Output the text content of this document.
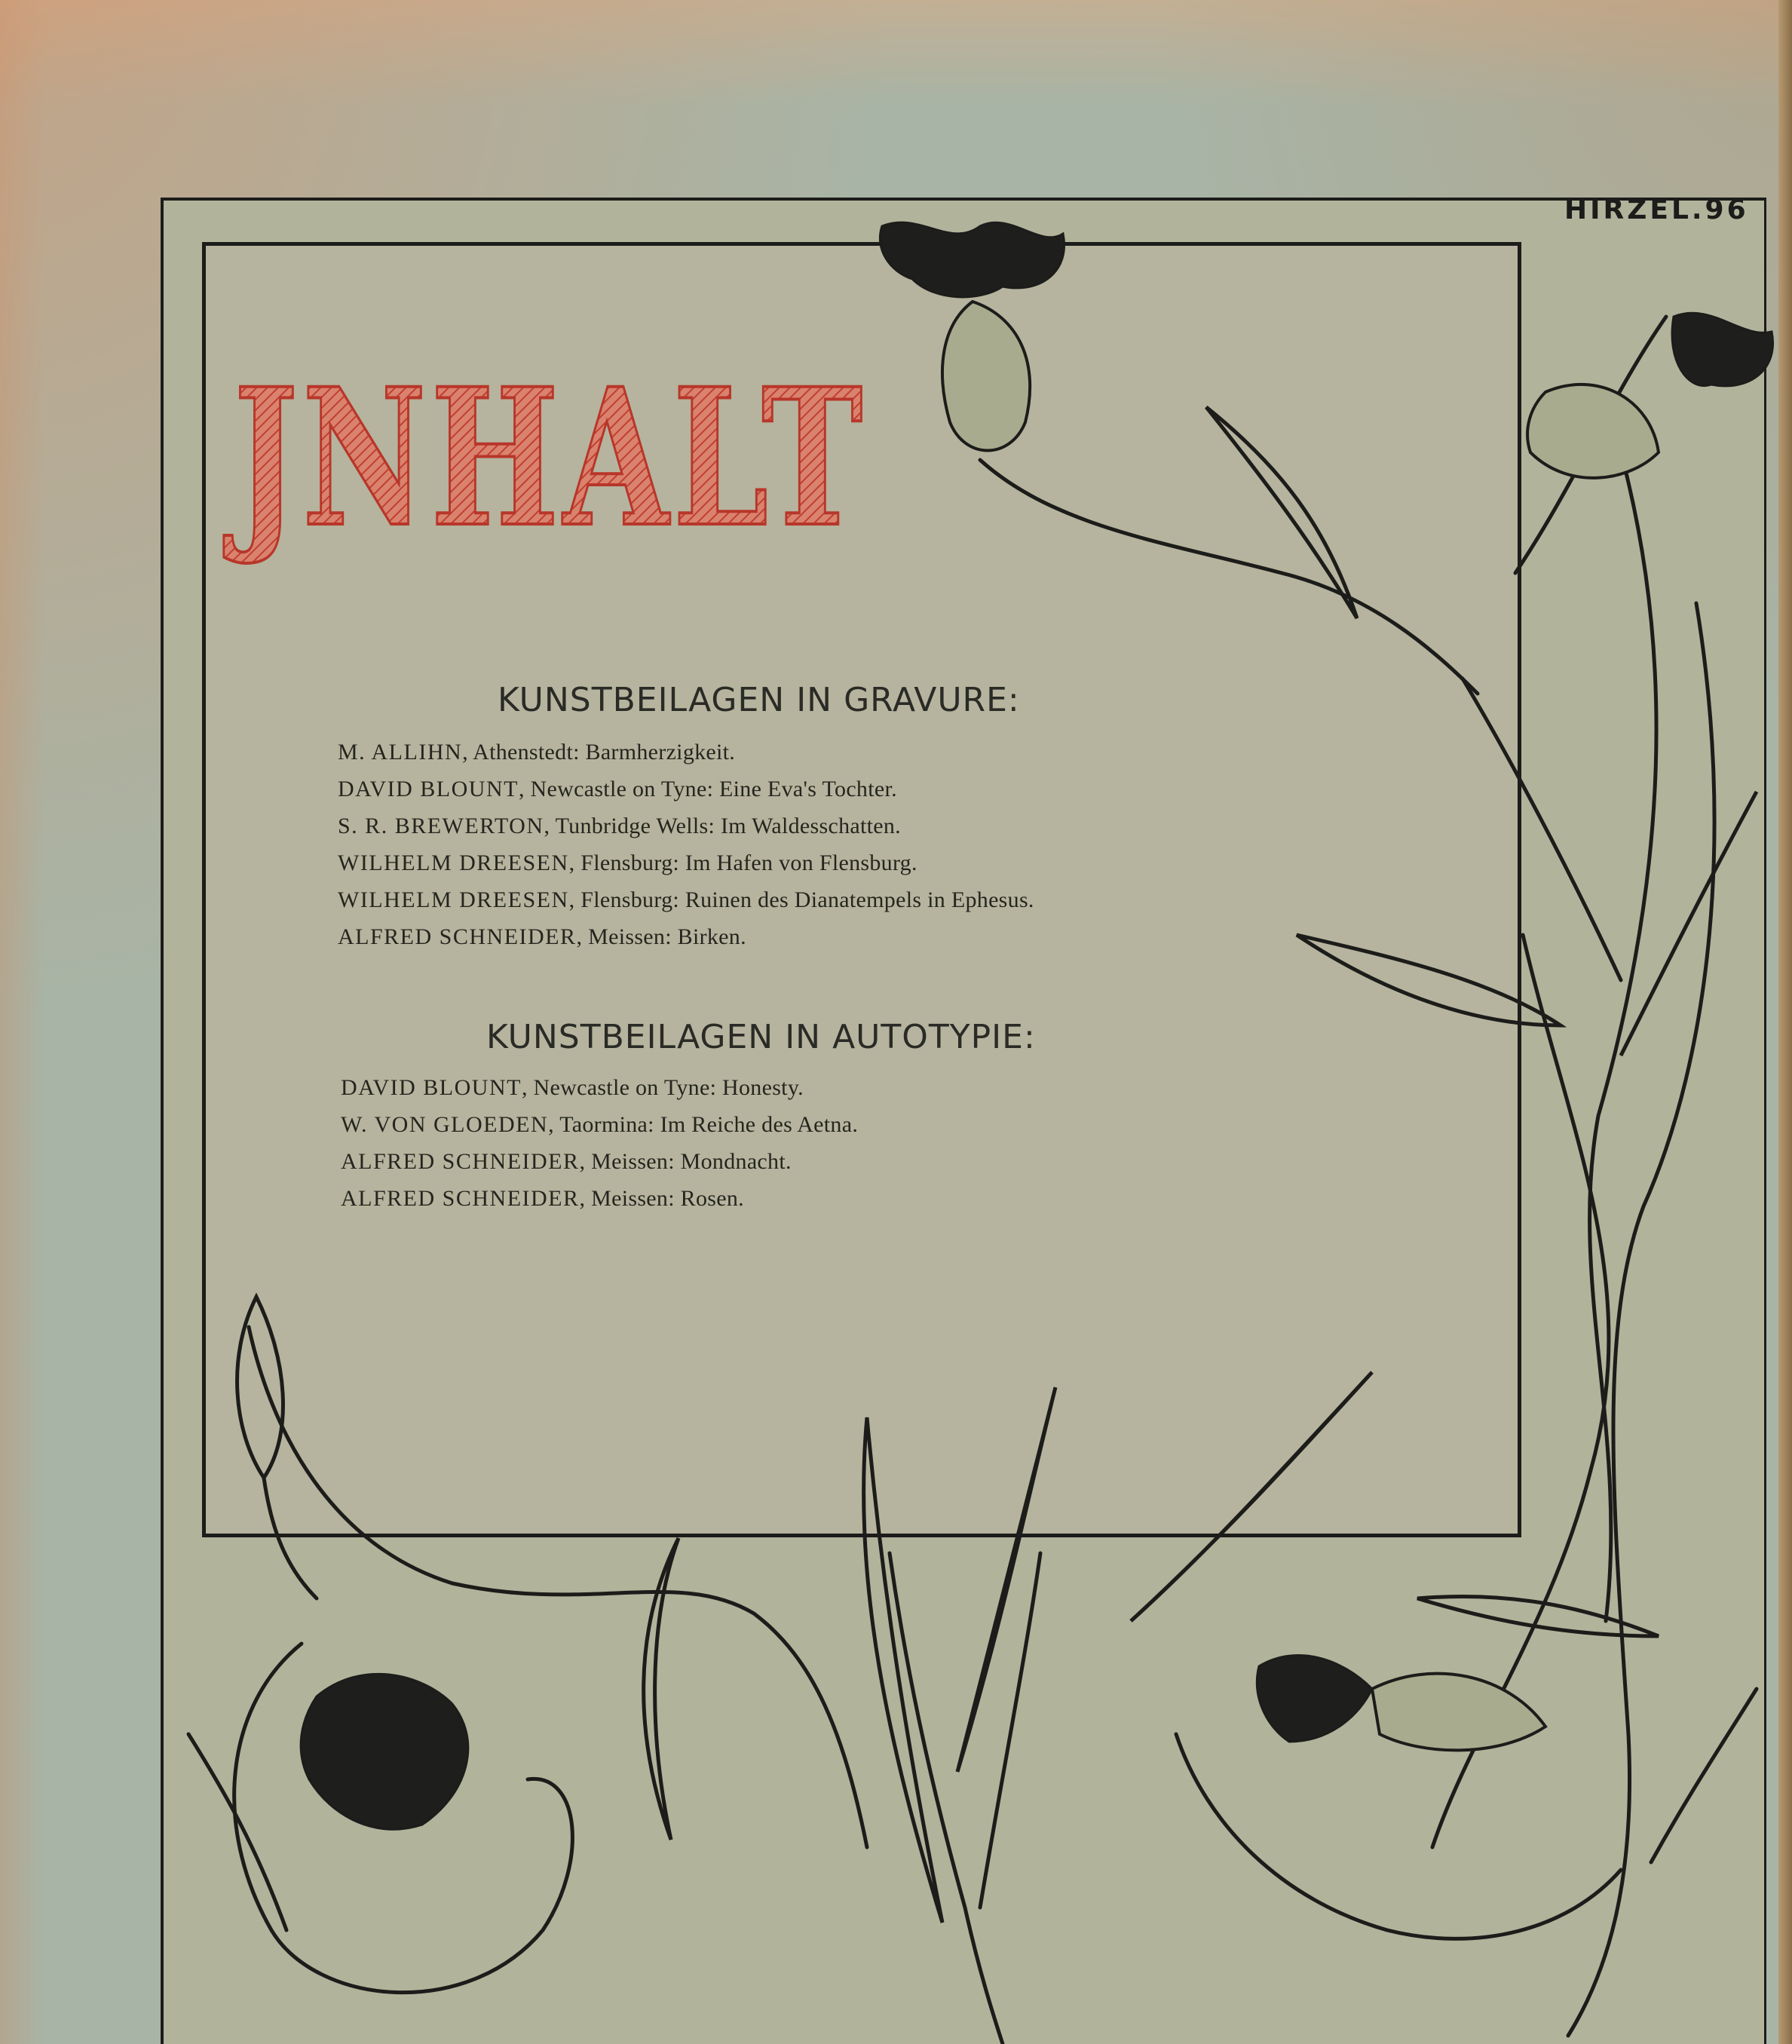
JNHALT
HIRZEL.96
KUNSTBEILAGEN IN GRAVURE:
M. ALLIHN, Athenstedt: Barmherzigkeit.
DAVID BLOUNT, Newcastle on Tyne: Eine Eva's Tochter.
S. R. BREWERTON, Tunbridge Wells: Im Waldesschatten.
WILHELM DREESEN, Flensburg: Im Hafen von Flensburg.
WILHELM DREESEN, Flensburg: Ruinen des Dianatempels in Ephesus.
ALFRED SCHNEIDER, Meissen: Birken.
KUNSTBEILAGEN IN AUTOTYPIE:
DAVID BLOUNT, Newcastle on Tyne: Honesty.
W. VON GLOEDEN, Taormina: Im Reiche des Aetna.
ALFRED SCHNEIDER, Meissen: Mondnacht.
ALFRED SCHNEIDER, Meissen: Rosen.
